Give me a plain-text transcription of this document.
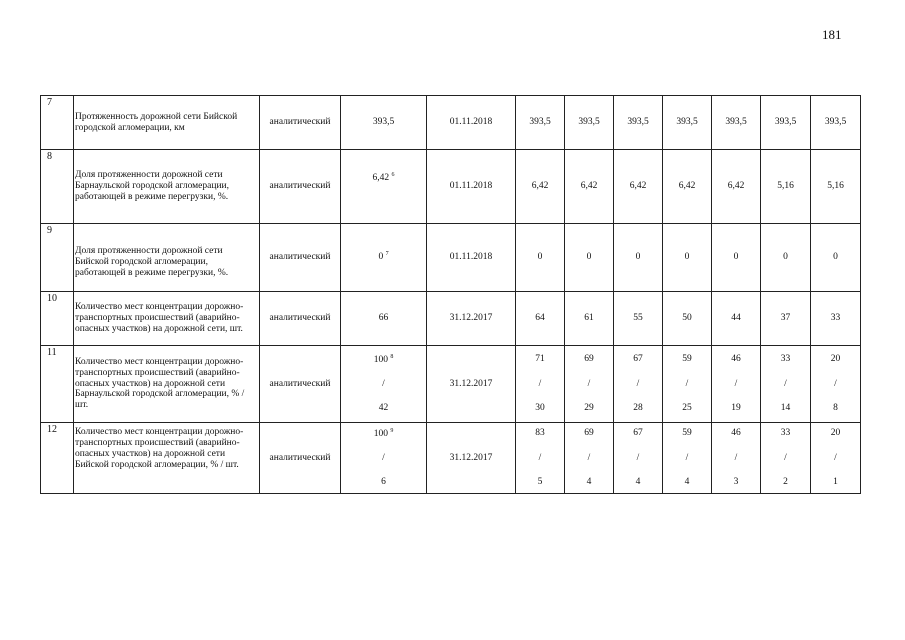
181
7	Протяженность дорожной сети Бийской городской агломерации, км	аналитический	393,5	01.11.2018	393,5	393,5	393,5	393,5	393,5	393,5	393,5
8	Доля протяженности дорожной сети Барнаульской городской агломерации, работающей в режиме перегрузки, %.	аналитический	6,42 $^6$	01.11.2018	6,42	6,42	6,42	6,42	6,42	5,16	5,16
9	Доля протяженности дорожной сети Бийской городской агломерации, работающей в режиме перегрузки, %.	аналитический	0 $^7$	01.11.2018	0	0	0	0	0	0	0
10	Количество мест концентрации дорожно-транспортных происшествий (аварийно-опасных участков) на дорожной сети, шт.	аналитический	66	31.12.2017	64	61	55	50	44	37	33
11	Количество мест концентрации дорожно-транспортных происшествий (аварийно-опасных участков) на дорожной сети Барнаульской городской агломерации, % / шт.	аналитический	100 $^8$
/
42	31.12.2017	71
/
30	69
/
29	67
/
28	59
/
25	46
/
19	33
/
14	20
/
8

12	Количество мест концентрации дорожно-транспортных происшествий (аварийно-опасных участков) на дорожной сети Бийской городской агломерации, % / шт.	аналитический	100 $^9$
/
6	31.12.2017	83
/
5	69
/
4	67
/
4	59
/
4	46
/
3	33
/
2	20
/
1
